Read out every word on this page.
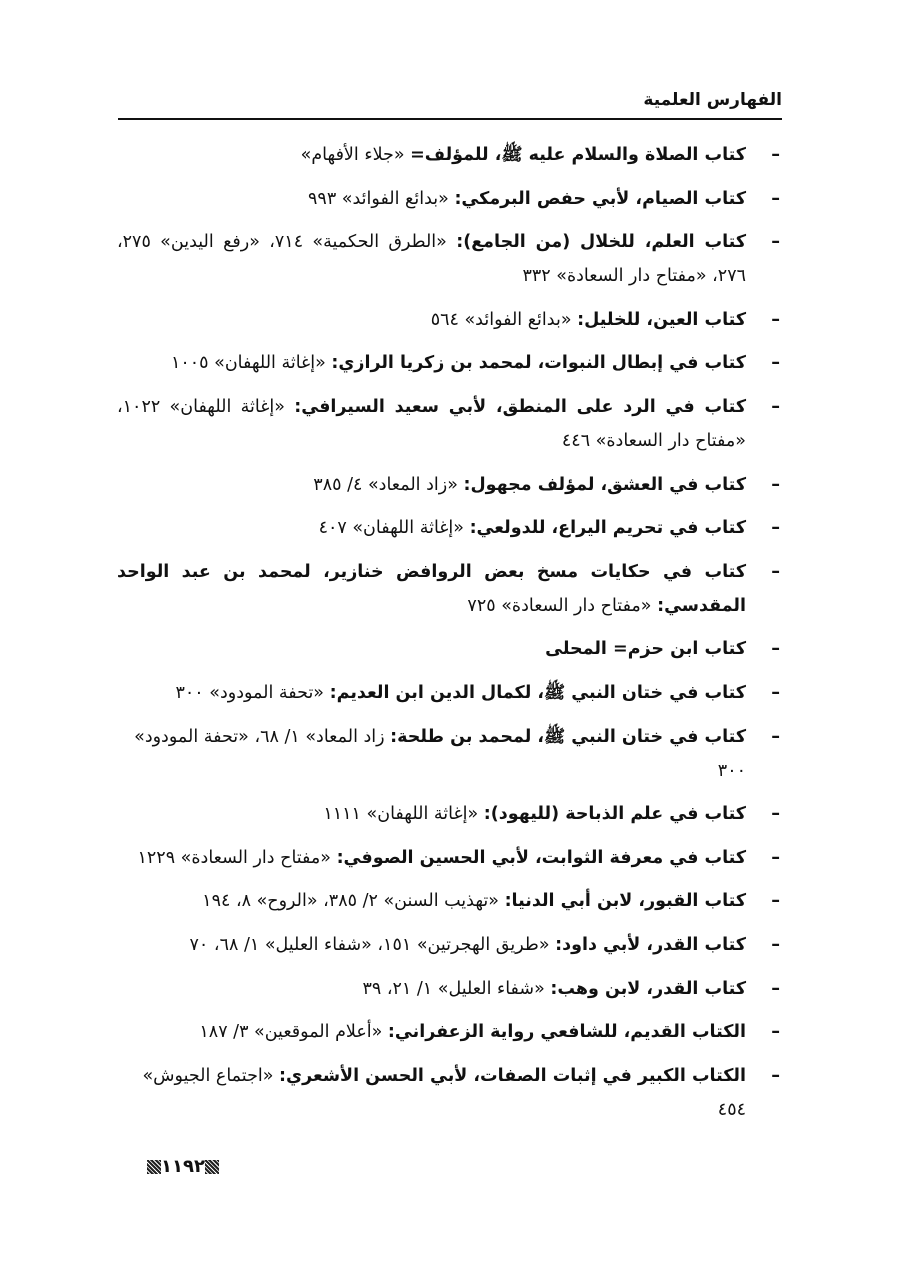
الفهارس العلمية
–
كتاب الصلاة والسلام عليه ﷺ، للمؤلف= «جلاء الأفهام»
–
كتاب الصيام، لأبي حفص البرمكي: «بدائع الفوائد» ٩٩٣
–
كتاب العلم، للخلال (من الجامع): «الطرق الحكمية» ٧١٤، «رفع اليدين» ٢٧٥، ٢٧٦، «مفتاح دار السعادة» ٣٣٢
–
كتاب العين، للخليل: «بدائع الفوائد» ٥٦٤
–
كتاب في إبطال النبوات، لمحمد بن زكريا الرازي: «إغاثة اللهفان» ١٠٠٥
–
كتاب في الرد على المنطق، لأبي سعيد السيرافي: «إغاثة اللهفان» ١٠٢٢، «مفتاح دار السعادة» ٤٤٦
–
كتاب في العشق، لمؤلف مجهول: «زاد المعاد» ٤/ ٣٨٥
–
كتاب في تحريم اليراع، للدولعي: «إغاثة اللهفان» ٤٠٧
–
كتاب في حكايات مسخ بعض الروافض خنازير، لمحمد بن عبد الواحد المقدسي: «مفتاح دار السعادة» ٧٢٥
–
كتاب ابن حزم= المحلى
–
كتاب في ختان النبي ﷺ، لكمال الدين ابن العديم: «تحفة المودود» ٣٠٠
–
كتاب في ختان النبي ﷺ، لمحمد بن طلحة: زاد المعاد» ١/ ٦٨، «تحفة المودود» ٣٠٠
–
كتاب في علم الذباحة (لليهود): «إغاثة اللهفان» ١١١١
–
كتاب في معرفة الثوابت، لأبي الحسين الصوفي: «مفتاح دار السعادة» ١٢٢٩
–
كتاب القبور، لابن أبي الدنيا: «تهذيب السنن» ٢/ ٣٨٥، «الروح» ٨، ١٩٤
–
كتاب القدر، لأبي داود: «طريق الهجرتين» ١٥١، «شفاء العليل» ١/ ٦٨، ٧٠
–
كتاب القدر، لابن وهب: «شفاء العليل» ١/ ٢١، ٣٩
–
الكتاب القديم، للشافعي رواية الزعفراني: «أعلام الموقعين» ٣/ ١٨٧
–
الكتاب الكبير في إثبات الصفات، لأبي الحسن الأشعري: «اجتماع الجيوش» ٤٥٤
١١٩٢
